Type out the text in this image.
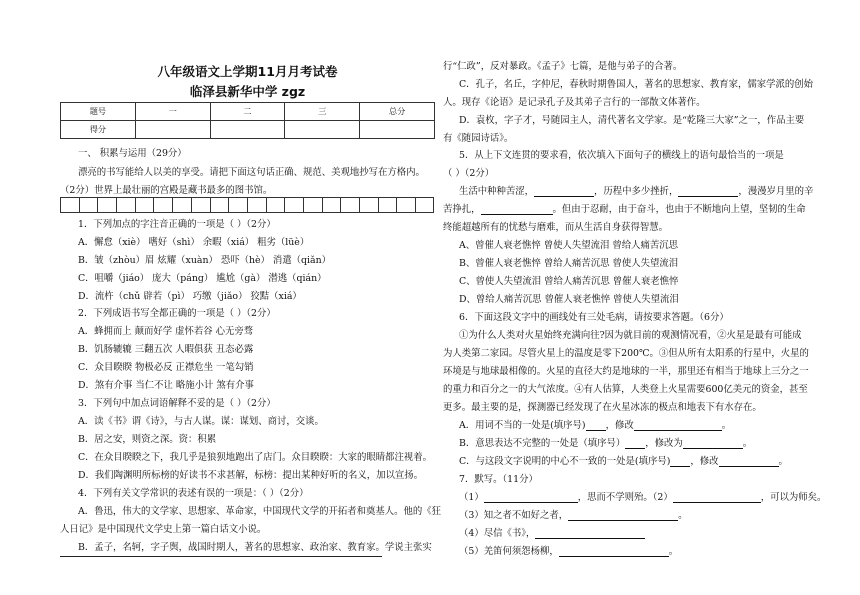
八年级语文上学期11月月考试卷
临泽县新华中学 zgz
题号	一	二	三	总分
得分				
一、 积累与运用（29分）
漂亮的书写能给人以美的享受。请把下面这句话正确、规范、美观地抄写在方格内。
（2分）世界上最壮丽的宫殿是藏书最多的图书馆。
1．下列加点的字注音正确的一项是（ ）（2分）
A．懈怠（xiè） 嗜好（shì） 余暇（xiá） 粗劣（lüè）
B．皱（zhòu）眉 炫耀（xuàn） 恐吓（hè） 消遣（qiǎn）
C．咀嚼（jiáo） 庞大（páng） 尴尬（gà） 潜逃（qián）
D．流杵（chǔ 辟若（pì） 巧缴（jiǎo） 狡黠（xiá）
2．下列成语书写全都正确的一项是（ ）（2分）
A．蜂拥而上 颠而好学 虚怀若谷 心无旁骛
B．饥肠辘辘 三翻五次 人暇俱获 丑态必露
C．众目睽睽 物极必反 正襟危坐 一笔勾销
D．煞有介事 当仁不让 略施小计 煞有介事
3．下列句中加点词语解释不妥的是（ ）（2分）
A．读《书》谓《诗》，与古人谋。谋：谋划、商讨，交谈。
B．居之安，则资之深。资：积累
C．在众目睽睽之下，我几乎是狼狈地跑出了店门。众目睽睽：大家的眼睛都注视着。
D．我们陶渊明所标榜的好读书不求甚解，标榜：提出某种好听的名义，加以宣扬。
4．下列有关文学常识的表述有误的一项是：（ ）（2分）
A．鲁迅，伟大的文学家、思想家、革命家，中国现代文学的开拓者和奠基人。他的《狂
人日记》是中国现代文学史上第一篇白话文小说。
B．孟子，名轲，字子舆，战国时期人，著名的思想家、政治家、教育家。学说主张实
行“仁政”，反对暴政。《孟子》七篇，是他与弟子的合著。
C．孔子，名丘，字仲尼，春秋时期鲁国人，著名的思想家、教育家，儒家学派的创始
人。现存《论语》是记录孔子及其弟子言行的一部散文体著作。
D．袁枚，字子才，号随园主人，清代著名文学家。是“乾隆三大家”之一，作品主要
有《随园诗话》。
5．从上下文连贯的要求看，依次填入下面句子的横线上的语句最恰当的一项是
（ ）（2分）
生活中种种苦涩，	，历程中多少挫折，	，漫漫岁月里的辛
苦挣扎，	。但由于忍耐，由于奋斗，也由于不断地向上望，坚韧的生命
终能超越所有的忧愁与磨难，而从生活自身获得智慧。
A、曾催人衰老憔悴 曾使人失望流泪 曾给人痛苦沉思
B、曾催人衰老憔悴 曾给人痛苦沉思 曾使人失望流泪
C、曾使人失望流泪 曾给人痛苦沉思 曾催人衰老憔悴
D、曾给人痛苦沉思 曾催人衰老憔悴 曾使人失望流泪
6．下面这段文字中的画线处有三处毛病，请按要求答题。（6分）
①为什么人类对火星始终充满向往?因为就目前的观测情况看，②火星是最有可能成
为人类第二家园。尽管火星上的温度是零下200℃。③但从所有太阳系的行星中，火星的
环境是与地球最相像的。火星的直径大约是地球的一半，那里还有相当于地球上三分之一
的重力和百分之一的大气浓度。④有人估算，人类登上火星需要600亿美元的资金，甚至
更多。最主要的是，探测器已经发现了在火星冰冻的极点和地表下有水存在。
A．用词不当的一处是(填序号) ，修改	。
B．意思表达不完整的一处是（填序号） ，修改为	。
C．与这段文字说明的中心不一致的一处是(填序号) ，修改	。
7．默写。（11分）
（1）	，思而不学则殆。（2）	，可以为师矣。
（3）知之者不如好之者，	。
（4）尽信《书》，
（5）羌笛何须怨杨柳，	。
